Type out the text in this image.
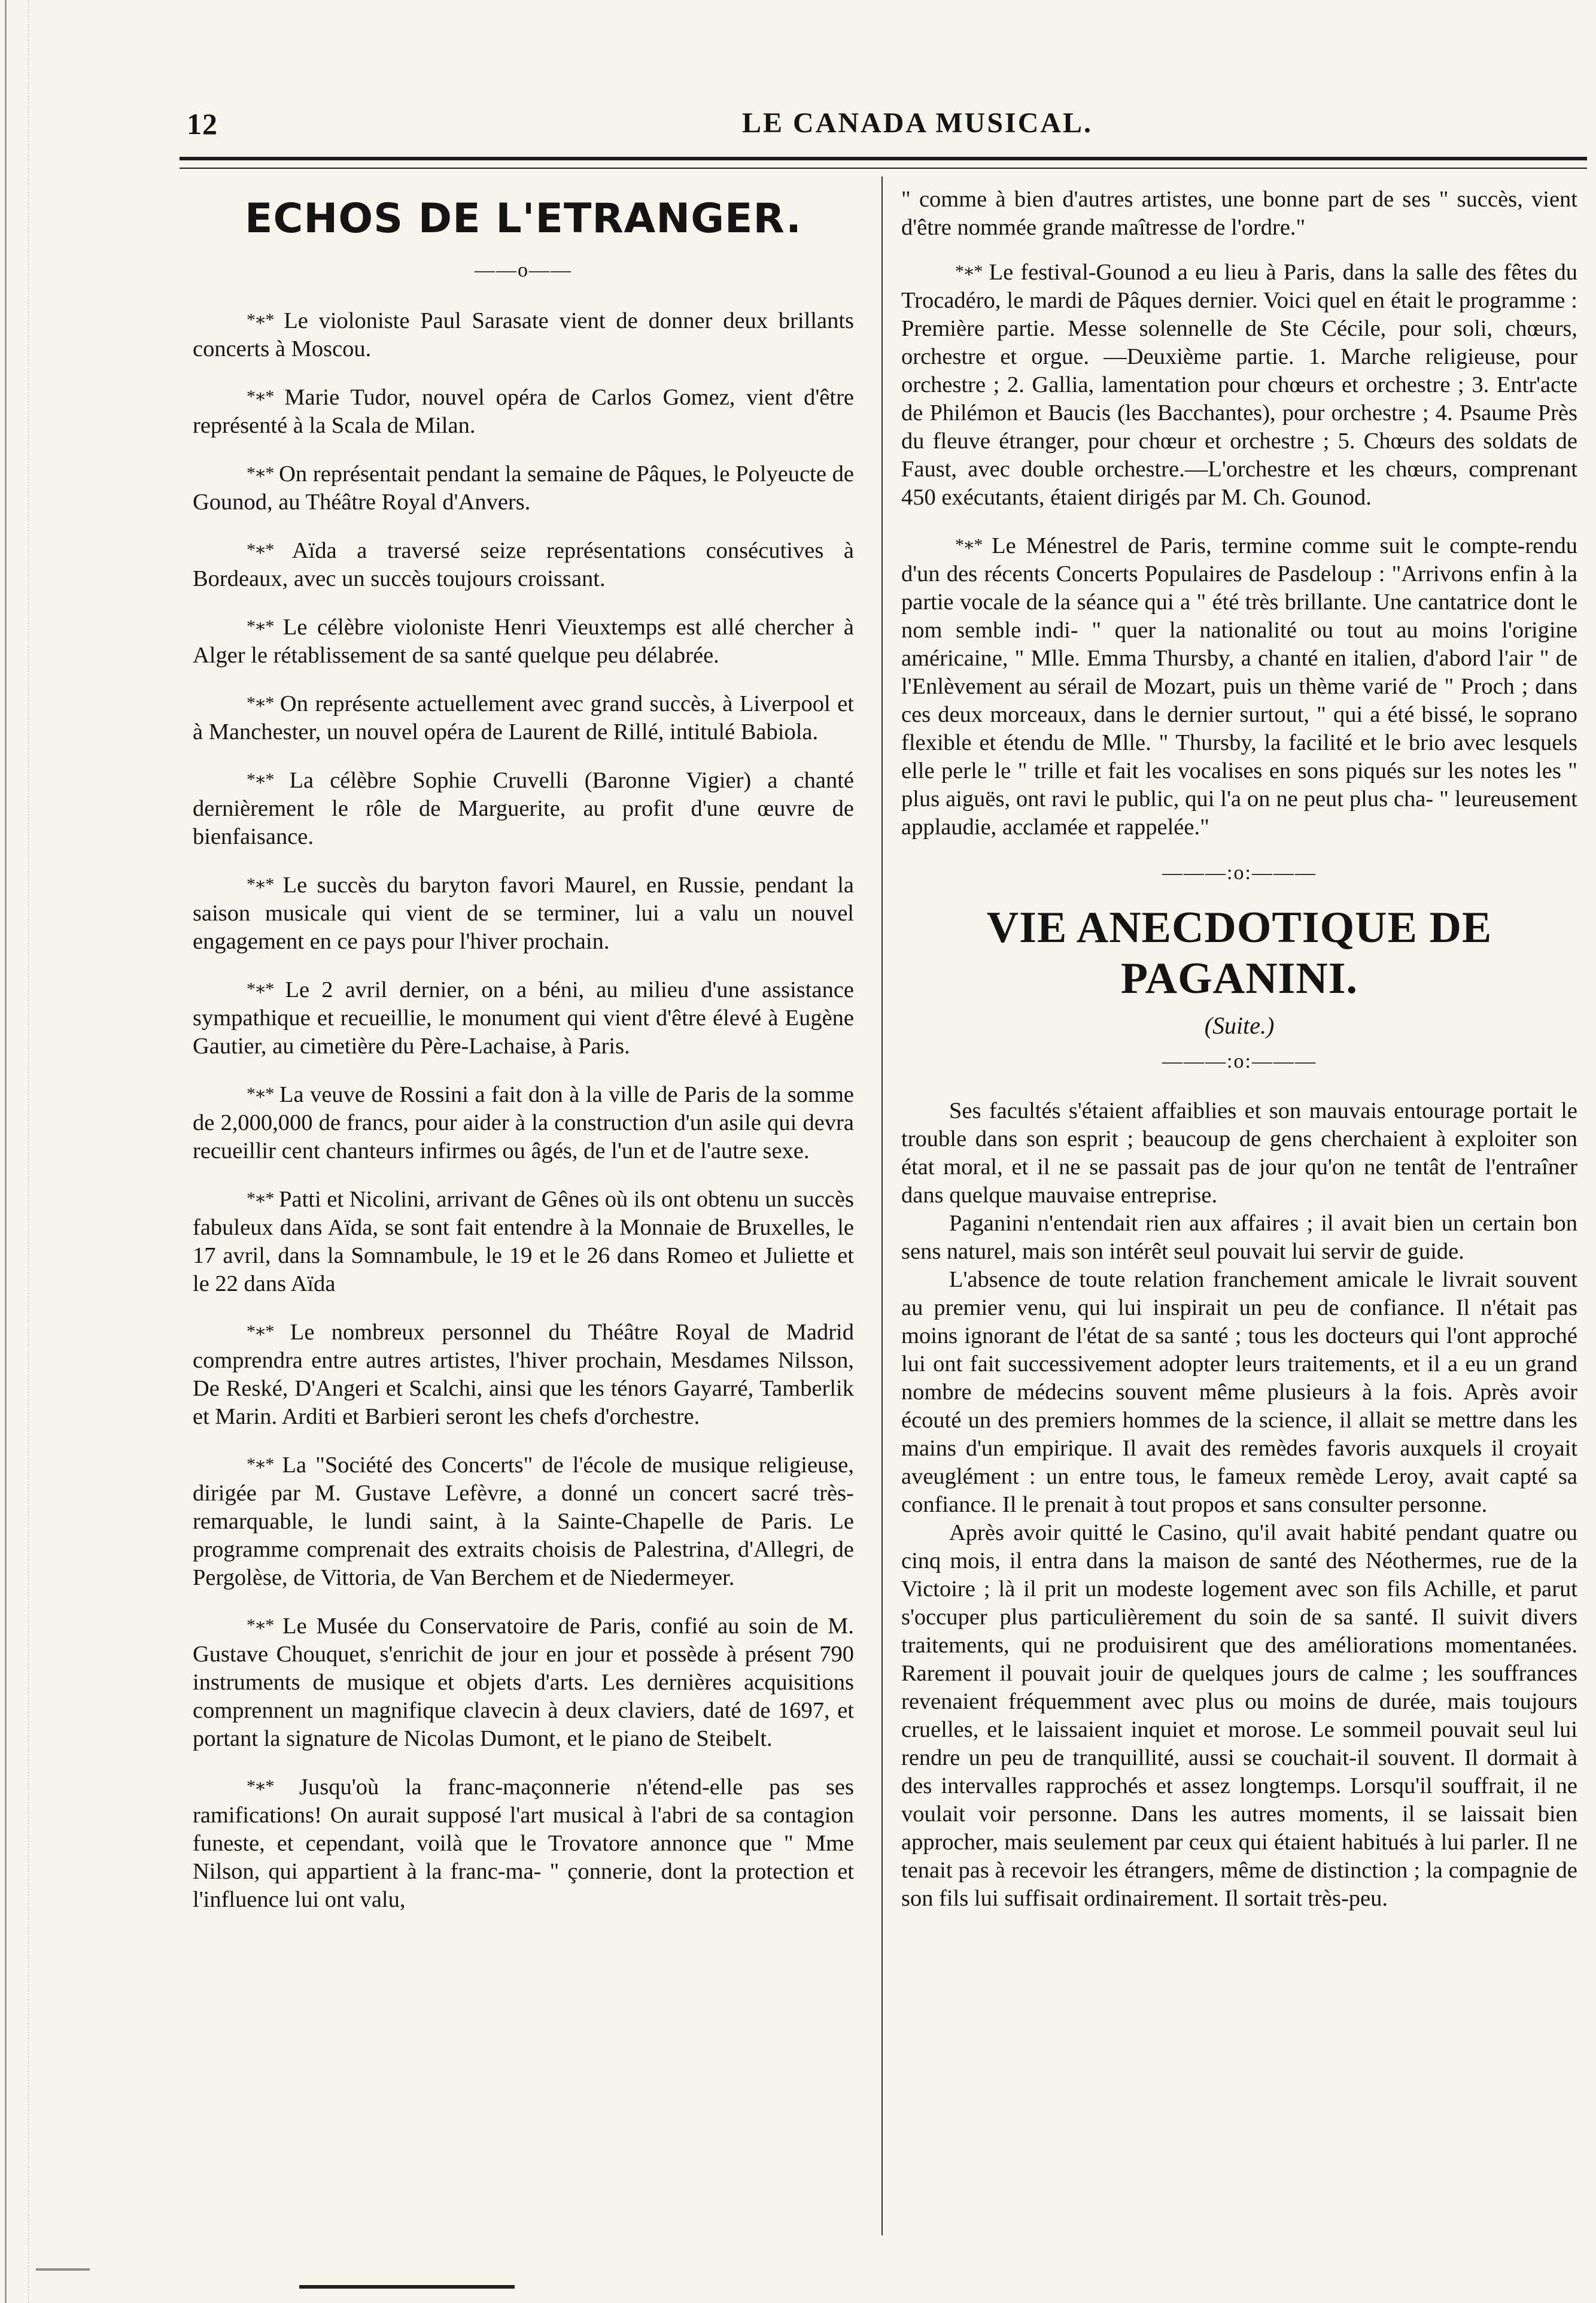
12	LE CANADA MUSICAL.
ECHOS DE L'ETRANGER.
——o——

*∗* Le violoniste Paul Sarasate vient de donner deux brillants concerts à Moscou.

*∗* Marie Tudor, nouvel opéra de Carlos Gomez, vient d'être représenté à la Scala de Milan.

*∗* On représentait pendant la semaine de Pâques, le Polyeucte de Gounod, au Théâtre Royal d'Anvers.

*∗* Aïda a traversé seize représentations consécutives à Bordeaux, avec un succès toujours croissant.

*∗* Le célèbre violoniste Henri Vieuxtemps est allé chercher à Alger le rétablissement de sa santé quelque peu délabrée.

*∗* On représente actuellement avec grand succès, à Liverpool et à Manchester, un nouvel opéra de Laurent de Rillé, intitulé Babiola.

*∗* La célèbre Sophie Cruvelli (Baronne Vigier) a chanté dernièrement le rôle de Marguerite, au profit d'une œuvre de bienfaisance.

*∗* Le succès du baryton favori Maurel, en Russie, pendant la saison musicale qui vient de se terminer, lui a valu un nouvel engagement en ce pays pour l'hiver prochain.

*∗* Le 2 avril dernier, on a béni, au milieu d'une assistance sympathique et recueillie, le monument qui vient d'être élevé à Eugène Gautier, au cimetière du Père-Lachaise, à Paris.

*∗* La veuve de Rossini a fait don à la ville de Paris de la somme de 2,000,000 de francs, pour aider à la construction d'un asile qui devra recueillir cent chanteurs infirmes ou âgés, de l'un et de l'autre sexe.

*∗* Patti et Nicolini, arrivant de Gênes où ils ont obtenu un succès fabuleux dans Aïda, se sont fait entendre à la Monnaie de Bruxelles, le 17 avril, dans la Somnambule, le 19 et le 26 dans Romeo et Juliette et le 22 dans Aïda

*∗* Le nombreux personnel du Théâtre Royal de Madrid comprendra entre autres artistes, l'hiver prochain, Mesdames Nilsson, De Reské, D'Angeri et Scalchi, ainsi que les ténors Gayarré, Tamberlik et Marin. Arditi et Barbieri seront les chefs d'orchestre.

*∗* La "Société des Concerts" de l'école de musique religieuse, dirigée par M. Gustave Lefèvre, a donné un concert sacré très-remarquable, le lundi saint, à la Sainte-Chapelle de Paris. Le programme comprenait des extraits choisis de Palestrina, d'Allegri, de Pergolèse, de Vittoria, de Van Berchem et de Niedermeyer.

*∗* Le Musée du Conservatoire de Paris, confié au soin de M. Gustave Chouquet, s'enrichit de jour en jour et possède à présent 790 instruments de musique et objets d'arts. Les dernières acquisitions comprennent un magnifique clavecin à deux claviers, daté de 1697, et portant la signature de Nicolas Dumont, et le piano de Steibelt.

*∗* Jusqu'où la franc-maçonnerie n'étend-elle pas ses ramifications! On aurait supposé l'art musical à l'abri de sa contagion funeste, et cependant, voilà que le Trovatore annonce que " Mme Nilson, qui appartient à la franc-ma- " çonnerie, dont la protection et l'influence lui ont valu,

" comme à bien d'autres artistes, une bonne part de ses " succès, vient d'être nommée grande maîtresse de l'ordre."

*∗* Le festival-Gounod a eu lieu à Paris, dans la salle des fêtes du Trocadéro, le mardi de Pâques dernier. Voici quel en était le programme : Première partie. Messe solennelle de Ste Cécile, pour soli, chœurs, orchestre et orgue. —Deuxième partie. 1. Marche religieuse, pour orchestre ; 2. Gallia, lamentation pour chœurs et orchestre ; 3. Entr'acte de Philémon et Baucis (les Bacchantes), pour orchestre ; 4. Psaume Près du fleuve étranger, pour chœur et orchestre ; 5. Chœurs des soldats de Faust, avec double orchestre.—L'orchestre et les chœurs, comprenant 450 exécutants, étaient dirigés par M. Ch. Gounod.

*∗* Le Ménestrel de Paris, termine comme suit le compte-rendu d'un des récents Concerts Populaires de Pasdeloup : "Arrivons enfin à la partie vocale de la séance qui a " été très brillante. Une cantatrice dont le nom semble indi- " quer la nationalité ou tout au moins l'origine américaine, " Mlle. Emma Thursby, a chanté en italien, d'abord l'air " de l'Enlèvement au sérail de Mozart, puis un thème varié de " Proch ; dans ces deux morceaux, dans le dernier surtout, " qui a été bissé, le soprano flexible et étendu de Mlle. " Thursby, la facilité et le brio avec lesquels elle perle le " trille et fait les vocalises en sons piqués sur les notes les " plus aiguës, ont ravi le public, qui l'a on ne peut plus cha- " leureusement applaudie, acclamée et rappelée."

———:o:———
VIE ANECDOTIQUE DE PAGANINI.
(Suite.)
———:o:———

Ses facultés s'étaient affaiblies et son mauvais entourage portait le trouble dans son esprit ; beaucoup de gens cherchaient à exploiter son état moral, et il ne se passait pas de jour qu'on ne tentât de l'entraîner dans quelque mauvaise entreprise.

Paganini n'entendait rien aux affaires ; il avait bien un certain bon sens naturel, mais son intérêt seul pouvait lui servir de guide.

L'absence de toute relation franchement amicale le livrait souvent au premier venu, qui lui inspirait un peu de confiance. Il n'était pas moins ignorant de l'état de sa santé ; tous les docteurs qui l'ont approché lui ont fait successivement adopter leurs traitements, et il a eu un grand nombre de médecins souvent même plusieurs à la fois. Après avoir écouté un des premiers hommes de la science, il allait se mettre dans les mains d'un empirique. Il avait des remèdes favoris auxquels il croyait aveuglément : un entre tous, le fameux remède Leroy, avait capté sa confiance. Il le prenait à tout propos et sans consulter personne.

Après avoir quitté le Casino, qu'il avait habité pendant quatre ou cinq mois, il entra dans la maison de santé des Néothermes, rue de la Victoire ; là il prit un modeste logement avec son fils Achille, et parut s'occuper plus particulièrement du soin de sa santé. Il suivit divers traitements, qui ne produisirent que des améliorations momentanées. Rarement il pouvait jouir de quelques jours de calme ; les souffrances revenaient fréquemment avec plus ou moins de durée, mais toujours cruelles, et le laissaient inquiet et morose. Le sommeil pouvait seul lui rendre un peu de tranquillité, aussi se couchait-il souvent. Il dormait à des intervalles rapprochés et assez longtemps. Lorsqu'il souffrait, il ne voulait voir personne. Dans les autres moments, il se laissait bien approcher, mais seulement par ceux qui étaient habitués à lui parler. Il ne tenait pas à recevoir les étrangers, même de distinction ; la compagnie de son fils lui suffisait ordinairement. Il sortait très-peu.
